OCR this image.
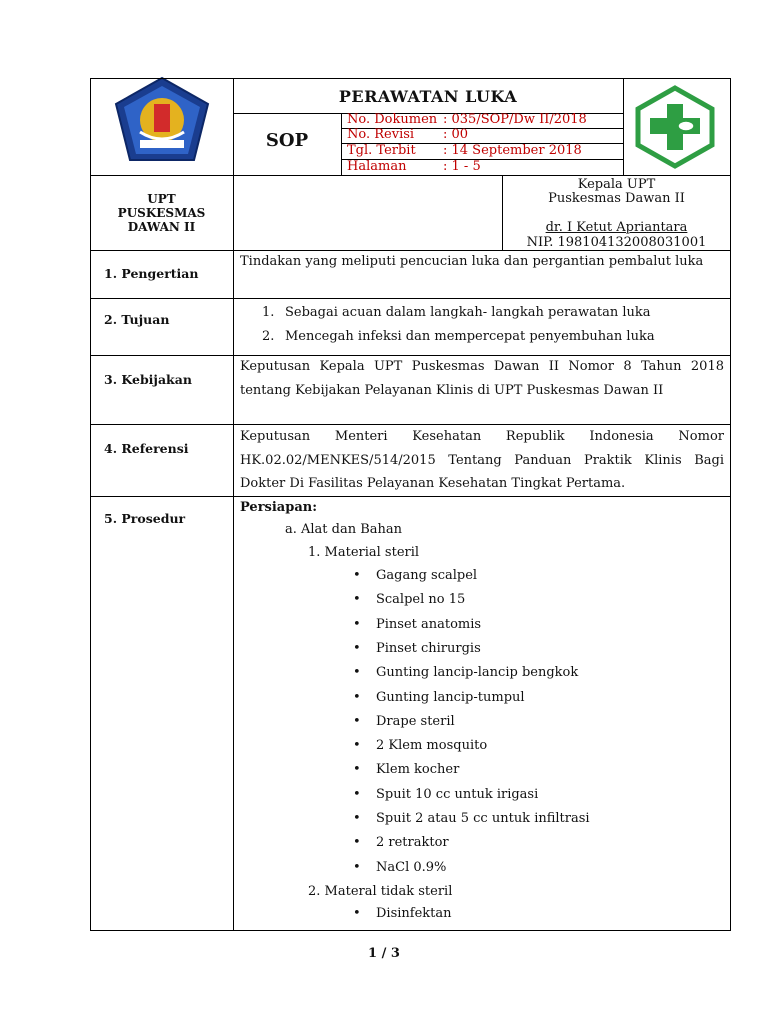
PERAWATAN LUKA
SOP
No. Dokumen : 035/SOP/Dw II/2018
No. Revisi : 00
Tgl. Terbit : 14 September 2018
Halaman	: 1 - 5
UPT
PUSKESMAS
DAWAN II
Kepala UPT
Puskesmas Dawan II
dr. I Ketut Apriantara
NIP. 198104132008031001
1. Pengertian
2. Tujuan
3. Kebijakan
4. Referensi
5. Prosedur
Tindakan yang meliputi pencucian luka dan pergantian pembalut luka
1. Sebagai acuan dalam langkah- langkah perawatan luka
2. Mencegah infeksi dan mempercepat penyembuhan luka
Keputusan Kepala UPT Puskesmas Dawan II Nomor 8 Tahun 2018 tentang Kebijakan Pelayanan Klinis di UPT Puskesmas Dawan II
Keputusan Menteri Kesehatan Republik Indonesia Nomor HK.02.02/MENKES/514/2015 Tentang Panduan Praktik Klinis Bagi Dokter Di Fasilitas Pelayanan Kesehatan Tingkat Pertama.
Persiapan:
a. Alat dan Bahan
1. Material steril
• Gagang scalpel
• Scalpel no 15
• Pinset anatomis
• Pinset chirurgis
• Gunting lancip-lancip bengkok
• Gunting lancip-tumpul
• Drape steril
• 2 Klem mosquito
• Klem kocher
• Spuit 10 cc untuk irigasi
• Spuit 2 atau 5 cc untuk infiltrasi
• 2 retraktor
• NaCl 0.9%
2. Materal tidak steril
• Disinfektan
1 / 3
